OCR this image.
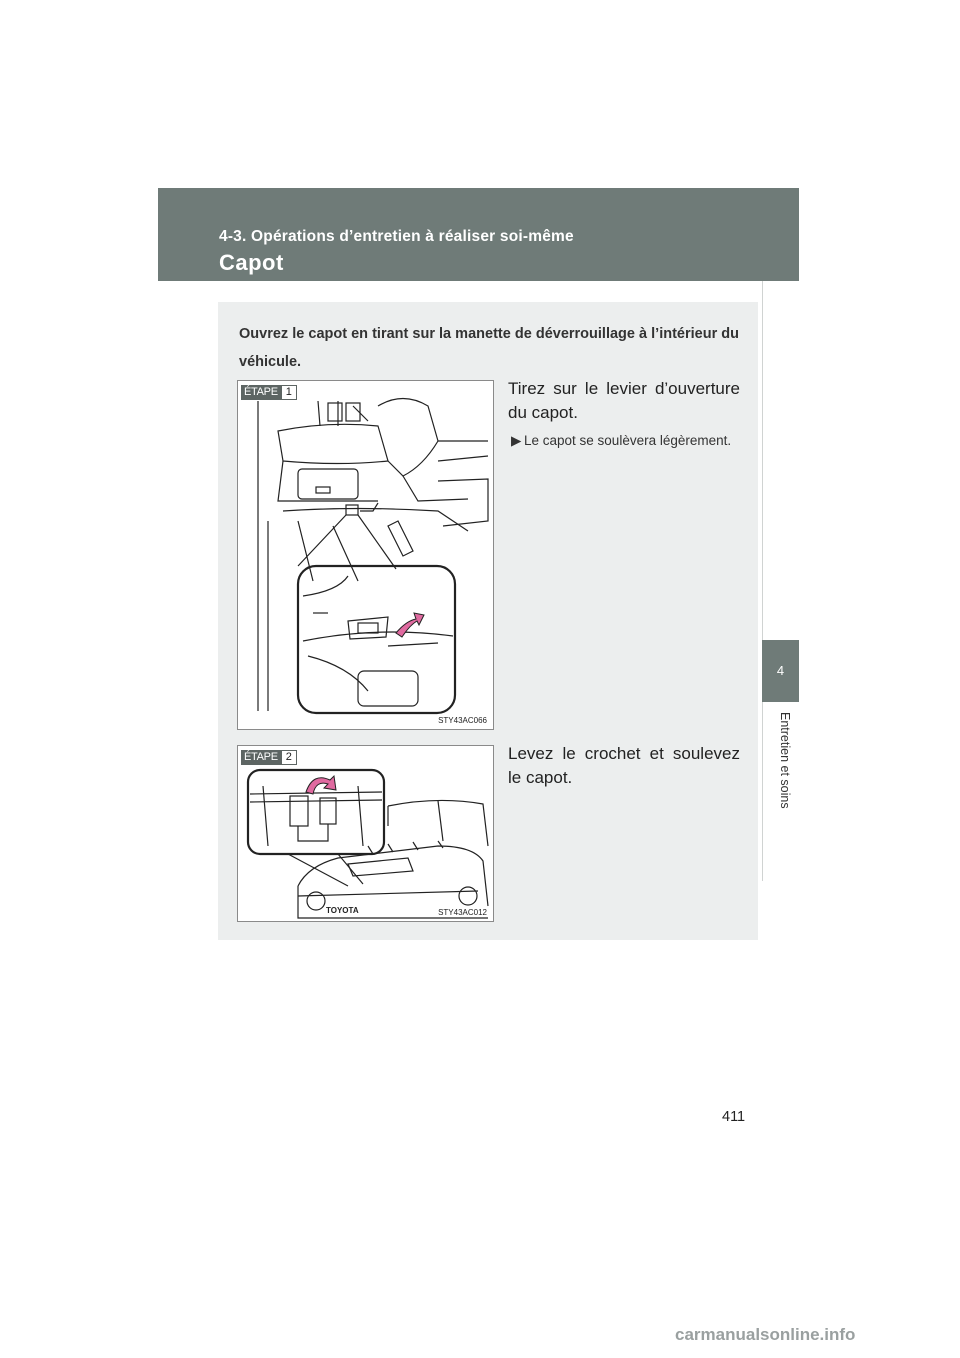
4-3. Opérations d’entretien à réaliser soi-même
Capot
4
Entretien et soins
Ouvrez le capot en tirant sur la manette de déverrouillage à l’intérieur du véhicule.
ÉTAPE 1
STY43AC066
Tirez sur le levier d’ouverture du capot.
▶ Le capot se soulèvera légèrement.
TOYOTA
ÉTAPE 2
STY43AC012
Levez le crochet et soulevez le capot.
411
carmanualsonline.info
